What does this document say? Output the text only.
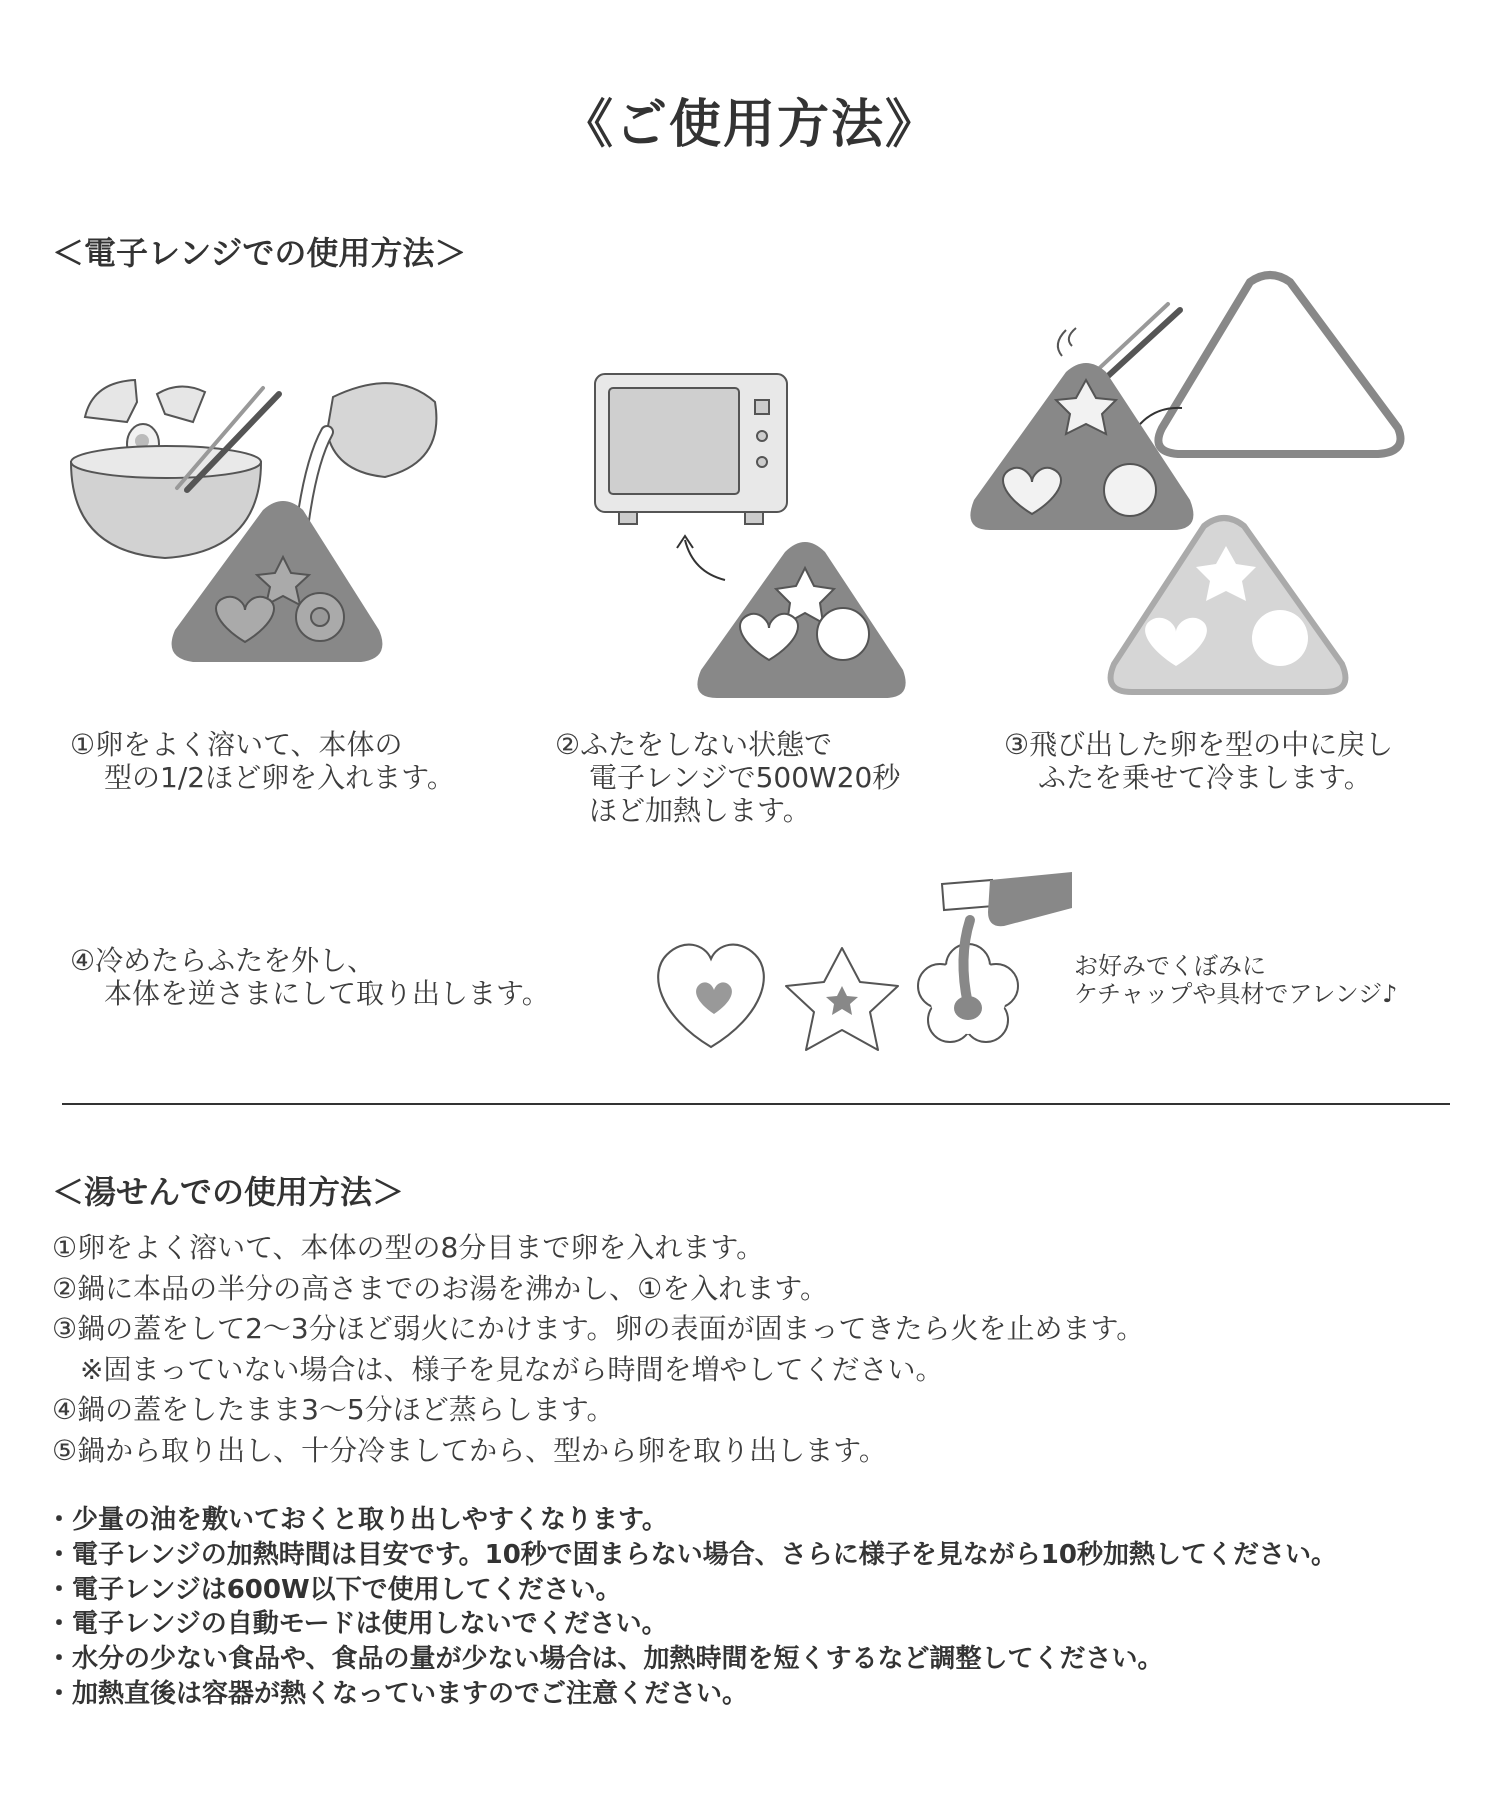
《ご使用方法》
＜電子レンジでの使用方法＞
①卵をよく溶いて、本体の
型の1/2ほど卵を入れます。
②ふたをしない状態で
電子レンジで500W20秒
ほど加熱します。
③飛び出した卵を型の中に戻し
ふたを乗せて冷まします。
④冷めたらふたを外し、
本体を逆さまにして取り出します。
お好みでくぼみに
ケチャップや具材でアレンジ♪
＜湯せんでの使用方法＞
①卵をよく溶いて、本体の型の8分目まで卵を入れます。
②鍋に本品の半分の高さまでのお湯を沸かし、①を入れます。
③鍋の蓋をして2～3分ほど弱火にかけます。卵の表面が固まってきたら火を止めます。
　※固まっていない場合は、様子を見ながら時間を増やしてください。
④鍋の蓋をしたまま3～5分ほど蒸らします。
⑤鍋から取り出し、十分冷ましてから、型から卵を取り出します。
・少量の油を敷いておくと取り出しやすくなります。
・電子レンジの加熱時間は目安です。10秒で固まらない場合、さらに様子を見ながら10秒加熱してください。
・電子レンジは600W以下で使用してください。
・電子レンジの自動モードは使用しないでください。
・水分の少ない食品や、食品の量が少ない場合は、加熱時間を短くするなど調整してください。
・加熱直後は容器が熱くなっていますのでご注意ください。
